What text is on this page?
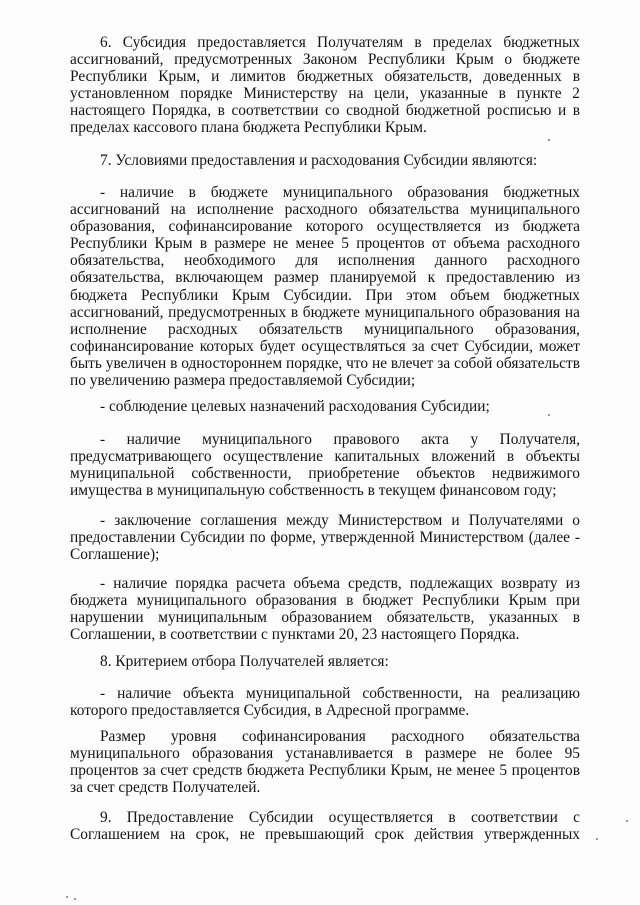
6. Субсидия предоставляется Получателям в пределах бюджетных ассигнований, предусмотренных Законом Республики Крым о бюджете Республики Крым, и лимитов бюджетных обязательств, доведенных в установленном порядке Министерству на цели, указанные в пункте 2 настоящего Порядка, в соответствии со сводной бюджетной росписью и в пределах кассового плана бюджета Республики Крым.

7. Условиями предоставления и расходования Субсидии являются:

- наличие в бюджете муниципального образования бюджетных ассигнований на исполнение расходного обязательства муниципального образования, софинансирование которого осуществляется из бюджета Республики Крым в размере не менее 5 процентов от объема расходного обязательства, необходимого для исполнения данного расходного обязательства, включающем размер планируемой к предоставлению из бюджета Республики Крым Субсидии. При этом объем бюджетных ассигнований, предусмотренных в бюджете муниципального образования на исполнение расходных обязательств муниципального образования, софинансирование которых будет осуществляться за счет Субсидии, может быть увеличен в одностороннем порядке, что не влечет за собой обязательств по увеличению размера предоставляемой Субсидии;

- соблюдение целевых назначений расходования Субсидии;

- наличие муниципального правового акта у Получателя, предусматривающего осуществление капитальных вложений в объекты муниципальной собственности, приобретение объектов недвижимого имущества в муниципальную собственность в текущем финансовом году;

- заключение соглашения между Министерством и Получателями о предоставлении Субсидии по форме, утвержденной Министерством (далее - Соглашение);

- наличие порядка расчета объема средств, подлежащих возврату из бюджета муниципального образования в бюджет Республики Крым при нарушении муниципальным образованием обязательств, указанных в Соглашении, в соответствии с пунктами 20, 23 настоящего Порядка.

8. Критерием отбора Получателей является:

- наличие объекта муниципальной собственности, на реализацию которого предоставляется Субсидия, в Адресной программе.

Размер уровня софинансирования расходного обязательства муниципального образования устанавливается в размере не более 95 процентов за счет средств бюджета Республики Крым, не менее 5 процентов за счет средств Получателей.

9. Предоставление Субсидии осуществляется в соответствии с Соглашением на срок, не превышающий срок действия утвержденных
